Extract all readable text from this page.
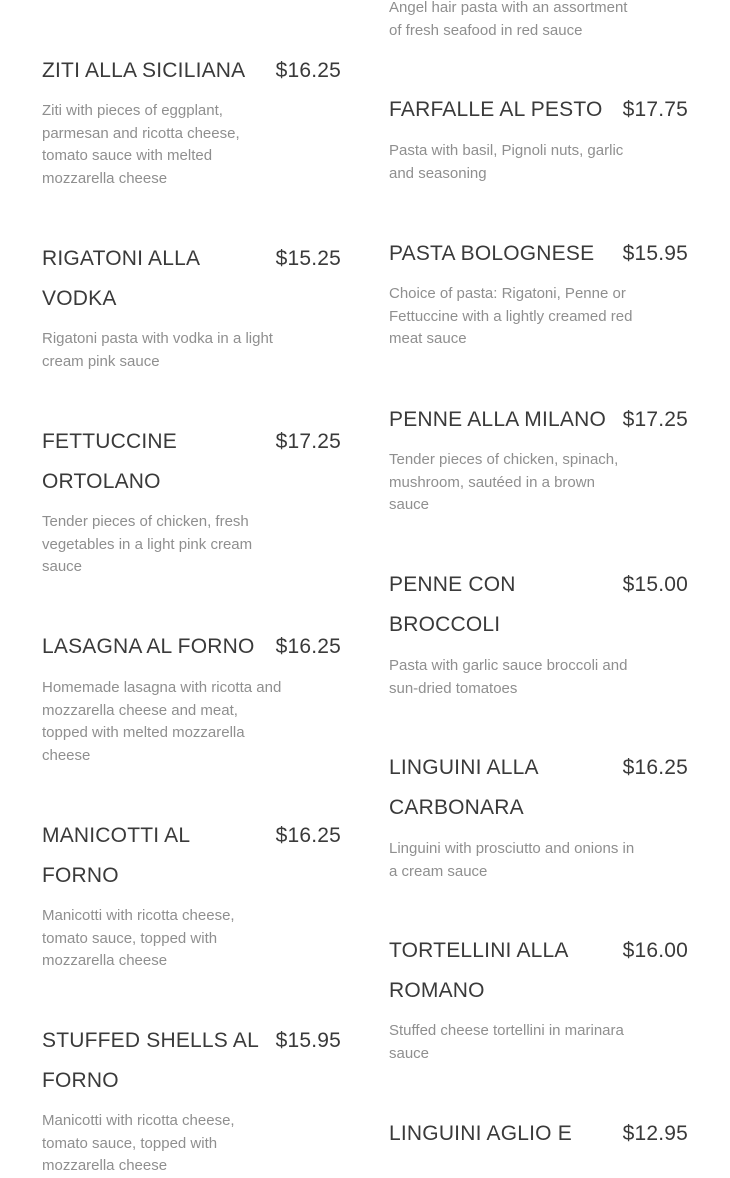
ZITI ALLA SICILIANA	$16.25

Ziti with pieces of eggplant, parmesan and ricotta cheese, tomato sauce with melted mozzarella cheese

RIGATONI ALLA VODKA
$15.25

Rigatoni pasta with vodka in a light cream pink sauce

FETTUCCINE ORTOLANO
$17.25

Tender pieces of chicken, fresh vegetables in a light pink cream sauce

LASAGNA AL FORNO	$16.25

Homemade lasagna with ricotta and mozzarella cheese and meat, topped with melted mozzarella cheese

MANICOTTI AL FORNO
$16.25

Manicotti with ricotta cheese, tomato sauce, topped with mozzarella cheese

STUFFED SHELLS AL FORNO
$15.95

Manicotti with ricotta cheese, tomato sauce, topped with mozzarella cheese

Angel hair pasta with an assortment of fresh seafood in red sauce

FARFALLE AL PESTO $17.75

Pasta with basil, Pignoli nuts, garlic and seasoning

PASTA BOLOGNESE	$15.95

Choice of pasta: Rigatoni, Penne or Fettuccine with a lightly creamed red meat sauce

PENNE ALLA MILANO $17.25

Tender pieces of chicken, spinach, mushroom, sautéed in a brown sauce

PENNE CON BROCCOLI
$15.00

Pasta with garlic sauce broccoli and sun-dried tomatoes

LINGUINI ALLA CARBONARA
$16.25

Linguini with prosciutto and onions in a cream sauce

TORTELLINI ALLA ROMANO
$16.00

Stuffed cheese tortellini in marinara sauce

LINGUINI AGLIO E	$12.95
